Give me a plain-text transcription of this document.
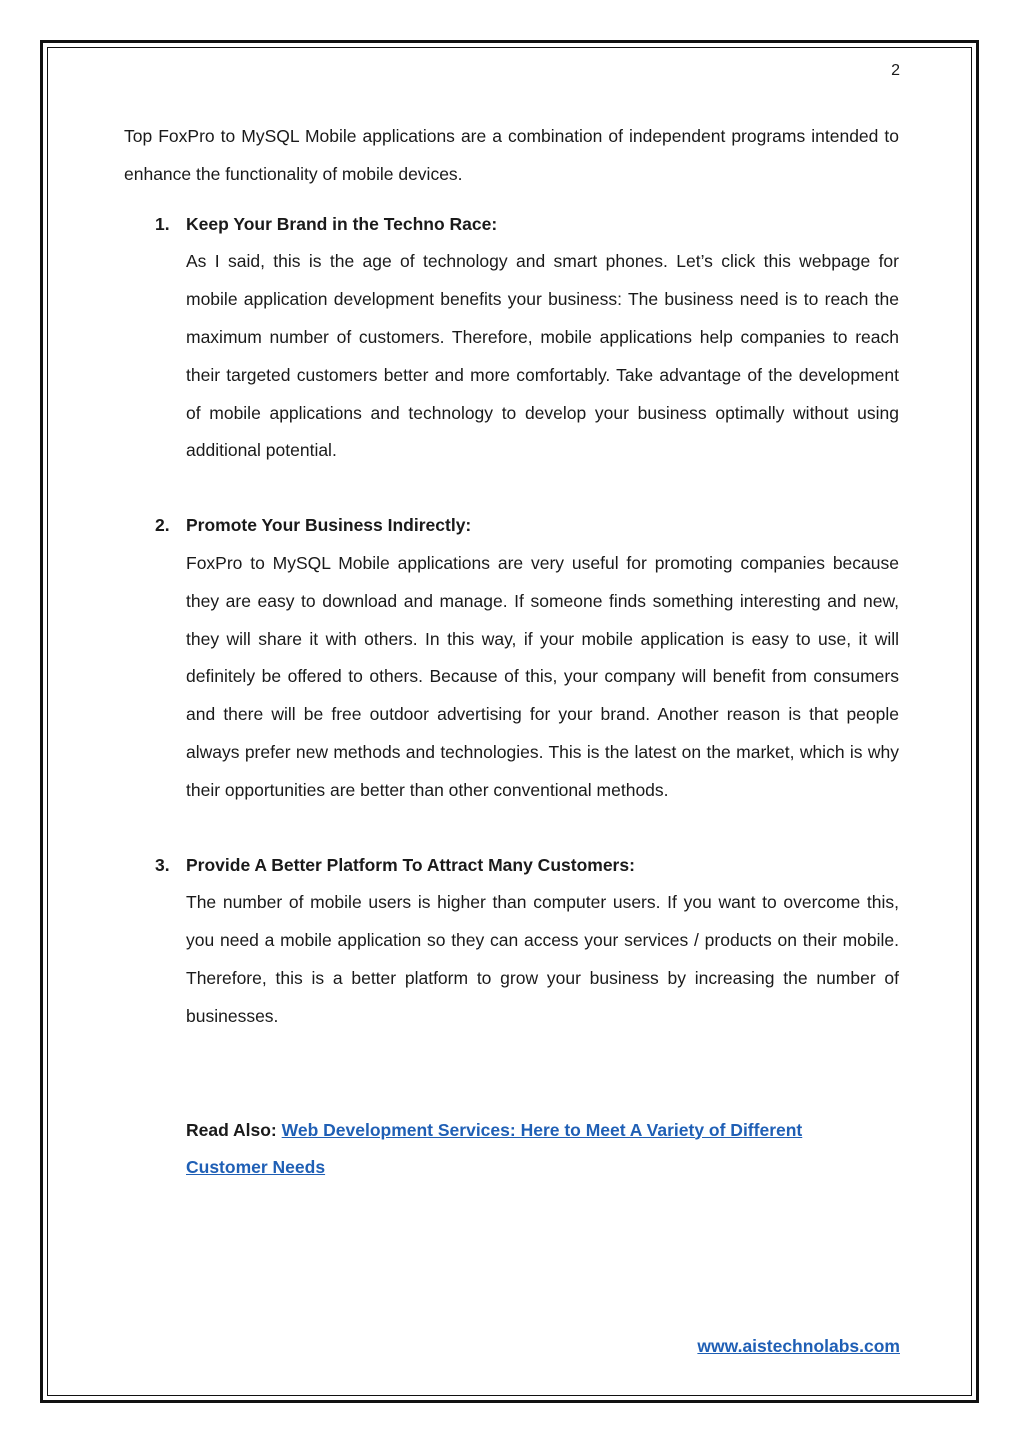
2

Top FoxPro to MySQL Mobile applications are a combination of independent programs intended to enhance the functionality of mobile devices.

1. Keep Your Brand in the Techno Race:

As I said, this is the age of technology and smart phones. Let’s click this webpage for mobile application development benefits your business: The business need is to reach the maximum number of customers. Therefore, mobile applications help companies to reach their targeted customers better and more comfortably. Take advantage of the development of mobile applications and technology to develop your business optimally without using additional potential.

2. Promote Your Business Indirectly:

FoxPro to MySQL Mobile applications are very useful for promoting companies because they are easy to download and manage. If someone finds something interesting and new, they will share it with others. In this way, if your mobile application is easy to use, it will definitely be offered to others. Because of this, your company will benefit from consumers and there will be free outdoor advertising for your brand. Another reason is that people always prefer new methods and technologies. This is the latest on the market, which is why their opportunities are better than other conventional methods.

3. Provide A Better Platform To Attract Many Customers:

The number of mobile users is higher than computer users. If you want to overcome this, you need a mobile application so they can access your services / products on their mobile. Therefore, this is a better platform to grow your business by increasing the number of businesses.

Read Also: Web Development Services: Here to Meet A Variety of Different Customer Needs
www.aistechnolabs.com
